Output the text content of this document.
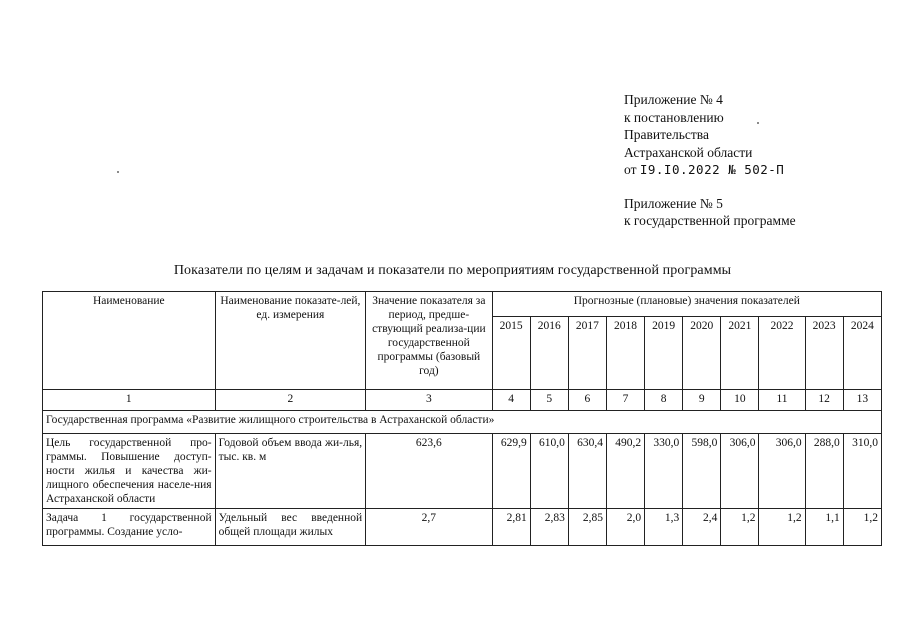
Приложение № 4
к постановлению
Правительства
Астраханской области
от I9.I0.2022 № 502-П
Приложение № 5
к государственной программе
Показатели по целям и задачам и показатели по мероприятиям государственной программы
Наименование	Наименование показате-лей, ед. измерения	Значение показателя за период, предше-ствующий реализа-ции государственной программы (базовый год)	Прогнозные (плановые) значения показателей									
			2015	2016	2017	2018	2019	2020	2021	2022	2023	2024
1	2	3	4	5	6	7	8	9	10	11	12	13
Государственная программа «Развитие жилищного строительства в Астраханской области»												
Цель государственной про-граммы. Повышение доступ-ности жилья и качества жи-лищного обеспечения населе-ния Астраханской области	Годовой объем ввода жи-лья, тыс. кв. м	623,6	629,9	610,0	630,4	490,2	330,0	598,0	306,0	306,0	288,0	310,0
Задача 1 государственной программы. Создание усло-	Удельный вес введенной общей площади жилых	2,7	2,81	2,83	2,85	2,0	1,3	2,4	1,2	1,2	1,1	1,2
